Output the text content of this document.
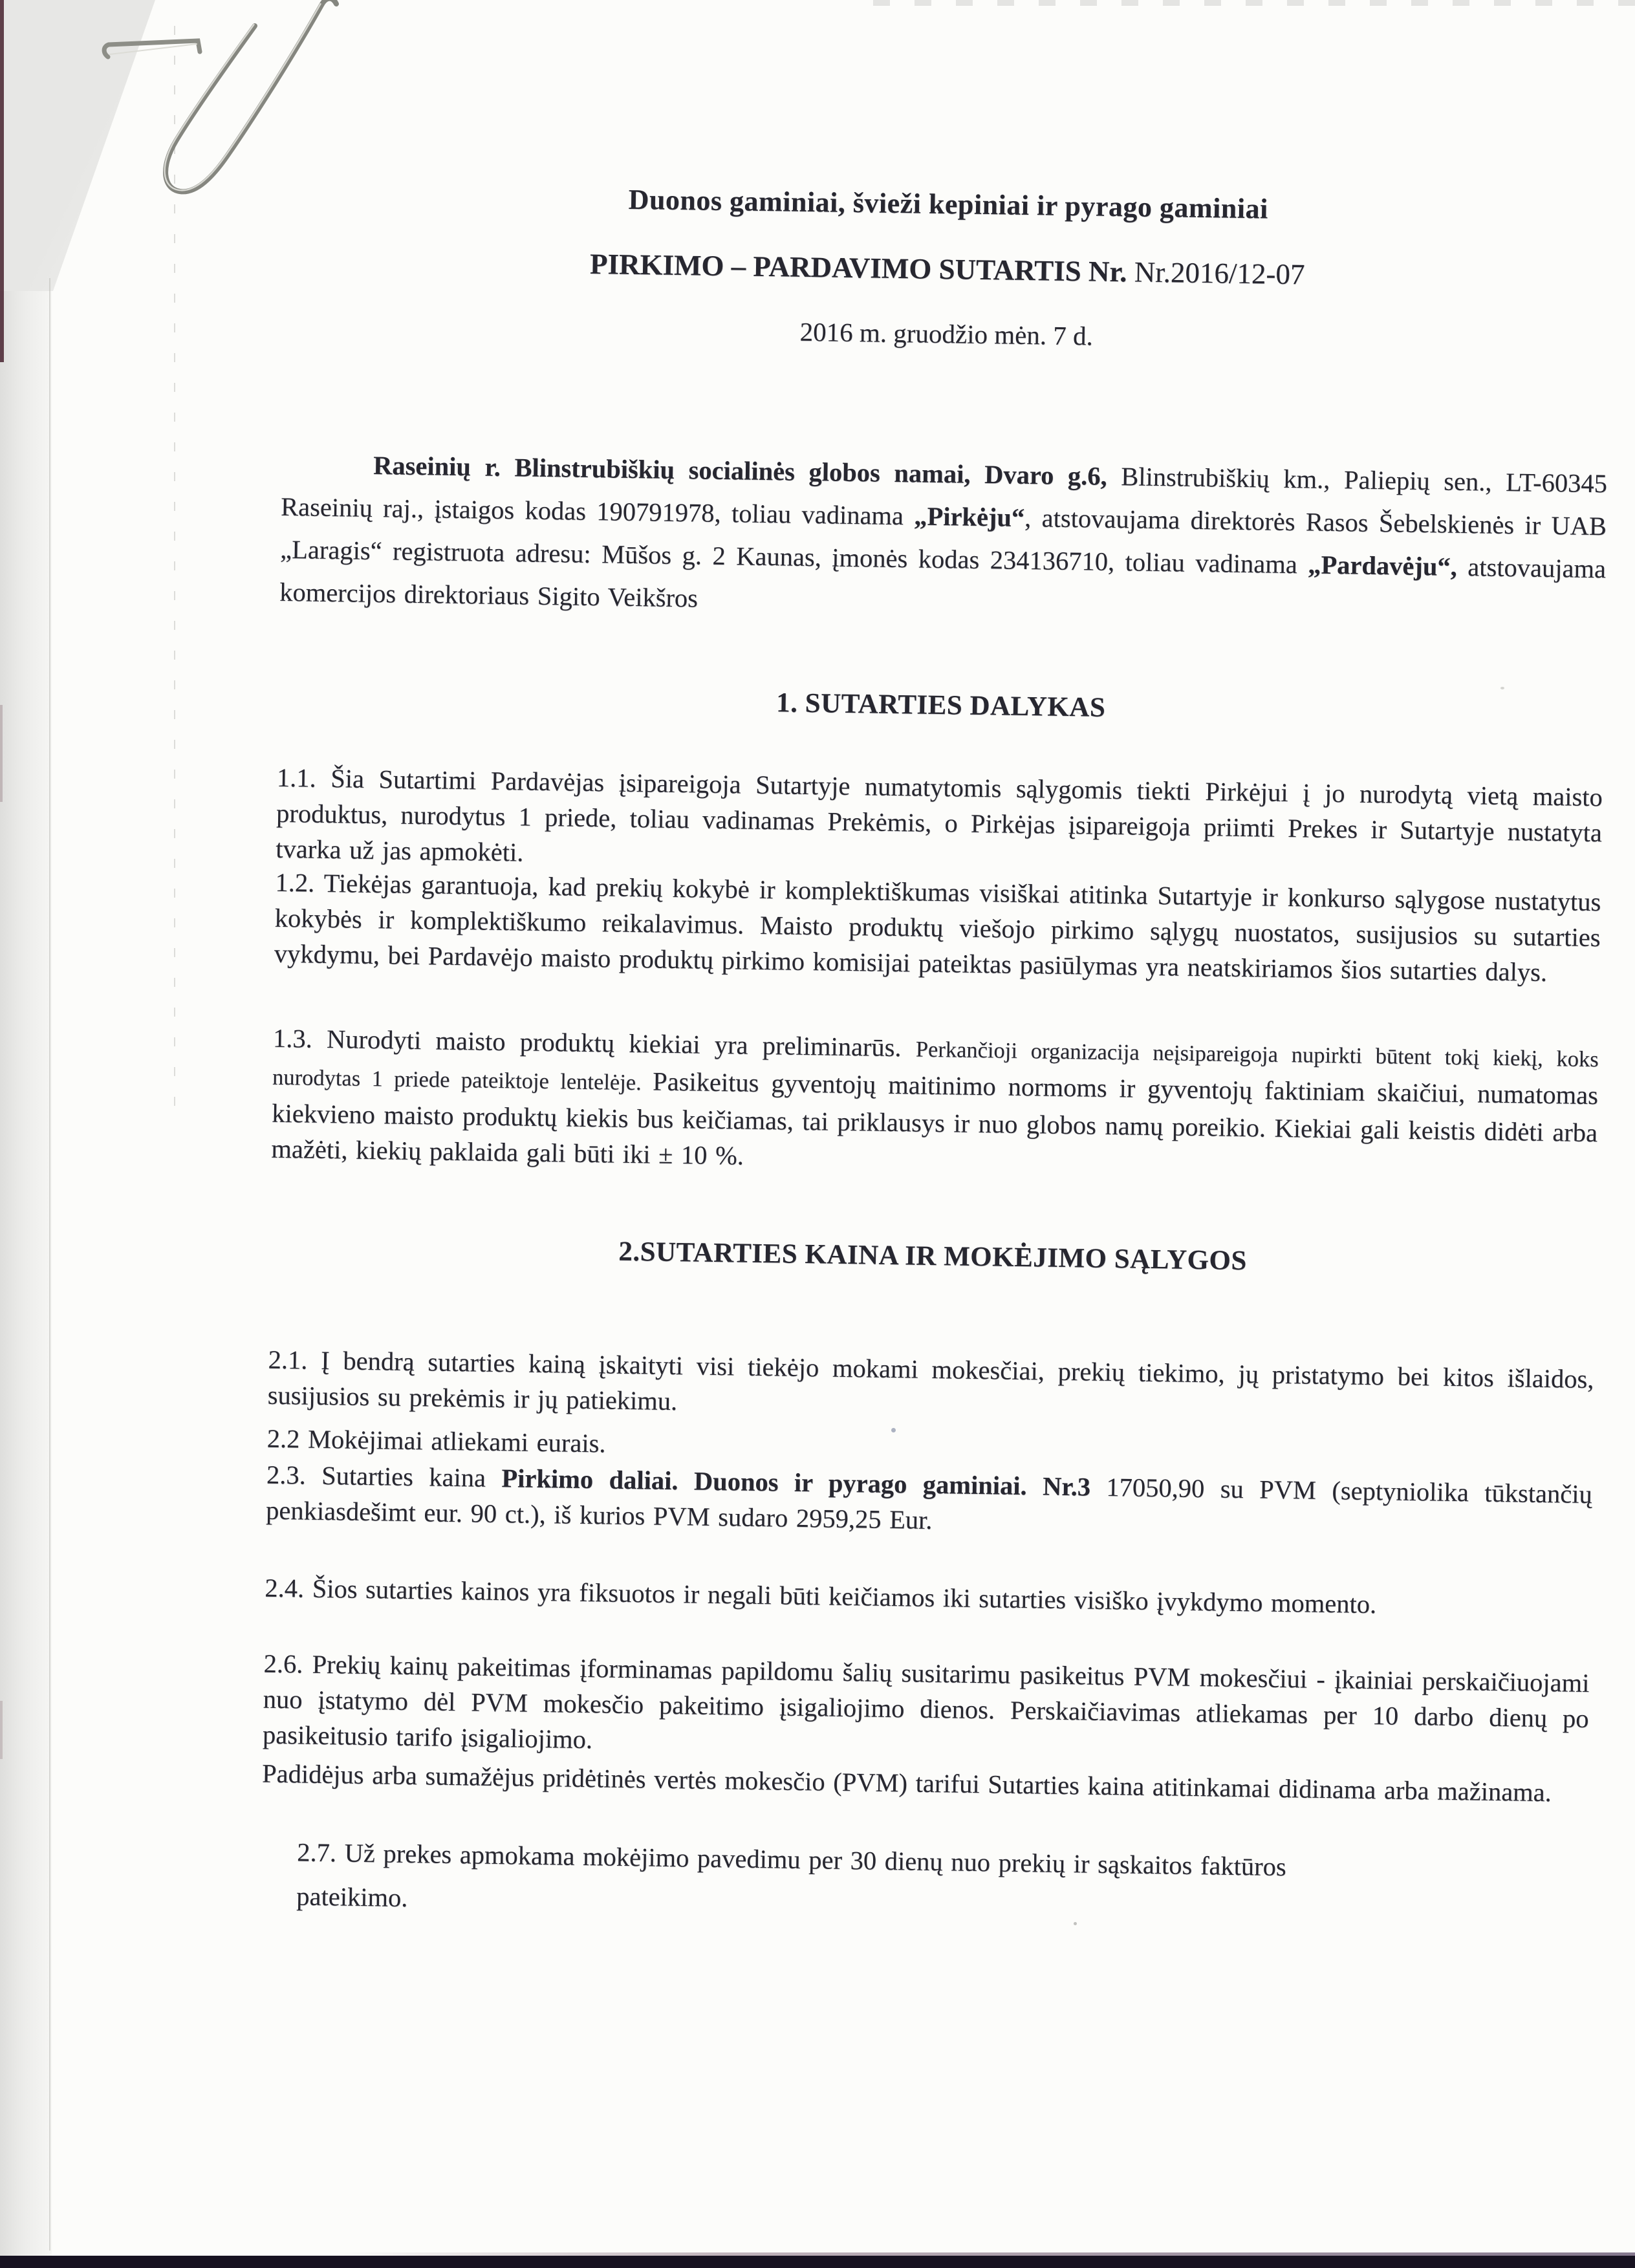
Duonos gaminiai, švieži kepiniai ir pyrago gaminiai

PIRKIMO – PARDAVIMO SUTARTIS Nr. Nr.2016/12-07

2016 m. gruodžio mėn. 7 d.

Raseinių r. Blinstrubiškių socialinės globos namai, Dvaro g.6, Blinstrubiškių km., Paliepių sen., LT-60345 Raseinių raj., įstaigos kodas 190791978, toliau vadinama „Pirkėju“, atstovaujama direktorės Rasos Šebelskienės ir UAB „Laragis“ registruota adresu: Mūšos g. 2 Kaunas, įmonės kodas 234136710, toliau vadinama „Pardavėju“, atstovaujama komercijos direktoriaus Sigito Veikšros

1. SUTARTIES DALYKAS

1.1. Šia Sutartimi Pardavėjas įsipareigoja Sutartyje numatytomis sąlygomis tiekti Pirkėjui į jo nurodytą vietą maisto produktus, nurodytus 1 priede, toliau vadinamas Prekėmis, o Pirkėjas įsipareigoja priimti Prekes ir Sutartyje nustatyta tvarka už jas apmokėti.

1.2. Tiekėjas garantuoja, kad prekių kokybė ir komplektiškumas visiškai atitinka Sutartyje ir konkurso sąlygose nustatytus kokybės ir komplektiškumo reikalavimus. Maisto produktų viešojo pirkimo sąlygų nuostatos, susijusios su sutarties vykdymu, bei Pardavėjo maisto produktų pirkimo komisijai pateiktas pasiūlymas yra neatskiriamos šios sutarties dalys.

1.3. Nurodyti maisto produktų kiekiai yra preliminarūs. Perkančioji organizacija neįsipareigoja nupirkti būtent tokį kiekį, koks nurodytas 1 priede pateiktoje lentelėje. Pasikeitus gyventojų maitinimo normoms ir gyventojų faktiniam skaičiui, numatomas kiekvieno maisto produktų kiekis bus keičiamas, tai priklausys ir nuo globos namų poreikio. Kiekiai gali keistis didėti arba mažėti, kiekių paklaida gali būti iki ± 10 %.

2.SUTARTIES KAINA IR MOKĖJIMO SĄLYGOS

2.1. Į bendrą sutarties kainą įskaityti visi tiekėjo mokami mokesčiai, prekių tiekimo, jų pristatymo bei kitos išlaidos, susijusios su prekėmis ir jų patiekimu.

2.2 Mokėjimai atliekami eurais.

2.3. Sutarties kaina Pirkimo daliai. Duonos ir pyrago gaminiai. Nr.3 17050,90 su PVM (septyniolika tūkstančių penkiasdešimt eur. 90 ct.), iš kurios PVM sudaro 2959,25 Eur.

2.4. Šios sutarties kainos yra fiksuotos ir negali būti keičiamos iki sutarties visiško įvykdymo momento.

2.6. Prekių kainų pakeitimas įforminamas papildomu šalių susitarimu pasikeitus PVM mokesčiui - įkainiai perskaičiuojami nuo įstatymo dėl PVM mokesčio pakeitimo įsigaliojimo dienos. Perskaičiavimas atliekamas per 10 darbo dienų po pasikeitusio tarifo įsigaliojimo.

Padidėjus arba sumažėjus pridėtinės vertės mokesčio (PVM) tarifui Sutarties kaina atitinkamai didinama arba mažinama.

2.7. Už prekes apmokama mokėjimo pavedimu per 30 dienų nuo prekių ir sąskaitos faktūros pateikimo.
